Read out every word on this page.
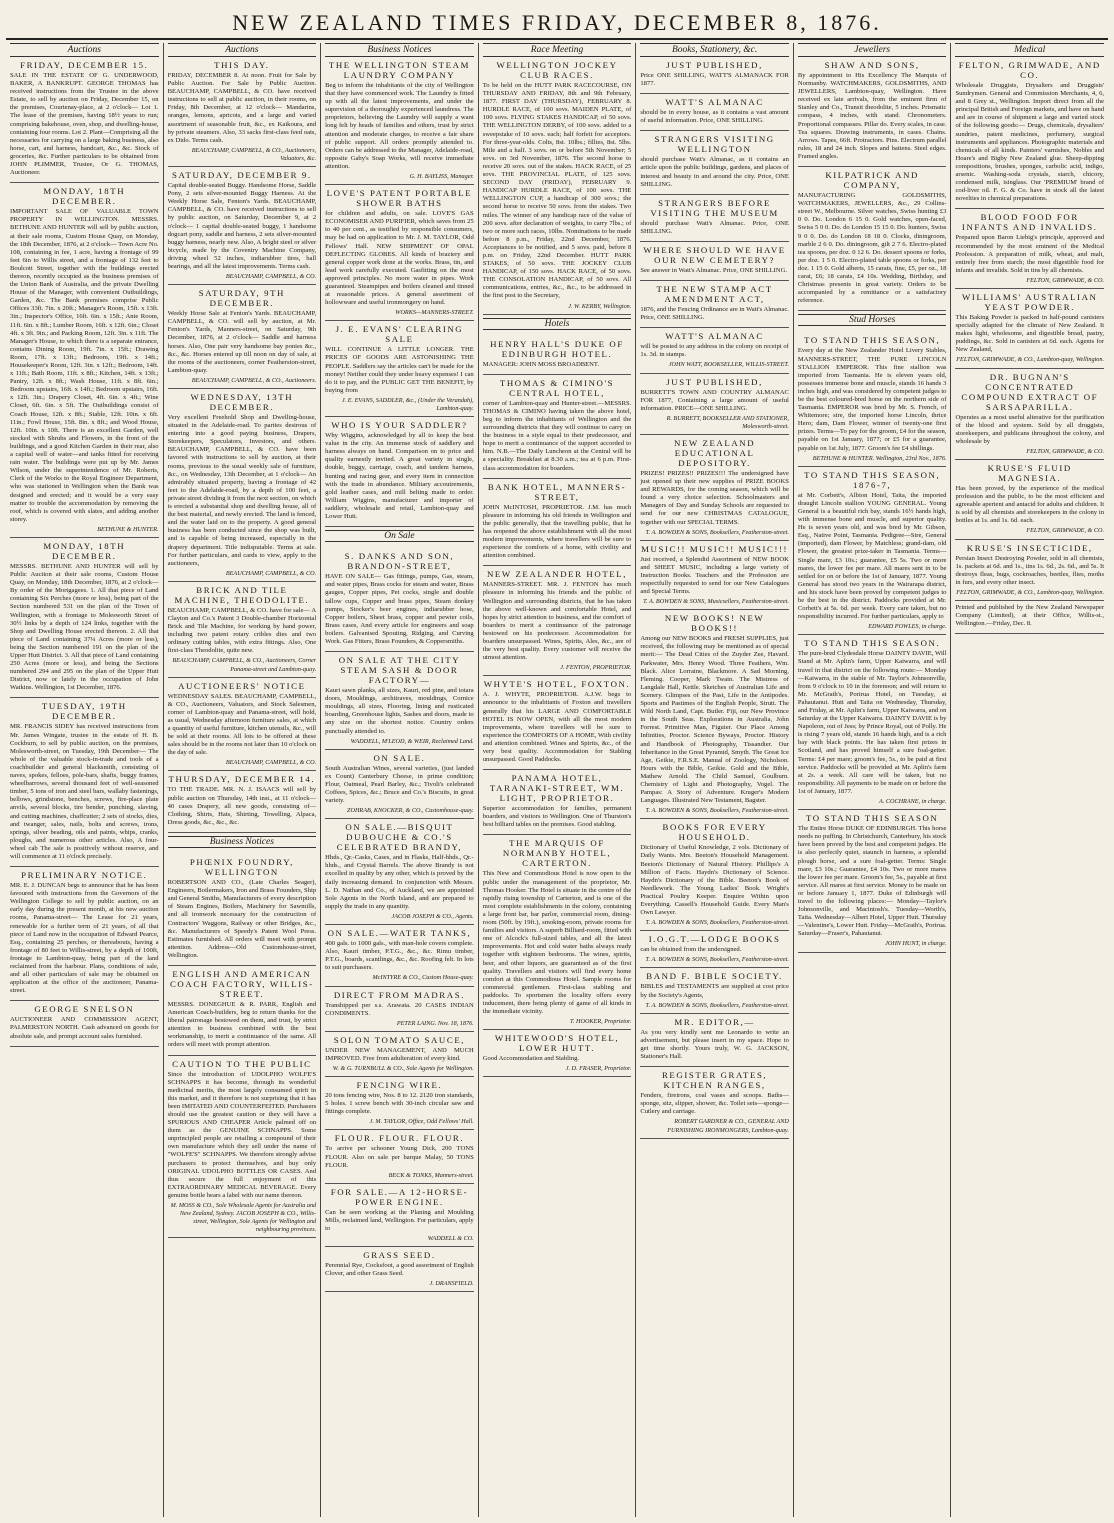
NEW ZEALAND TIMES FRIDAY, DECEMBER 8, 1876.
Auctions
FRIDAY, DECEMBER 15.

SALE IN THE ESTATE OF G. UNDERWOOD, BAKER, A BANKRUPT. GEORGE THOMAS has received instructions from the Trustee in the above Estate, to sell by auction on Friday, December 15, on the premises, Courtenay-place, at 2 o'clock— Lot 1. The lease of the premises, having 18½ years to run; comprising bakehouse, oven, shop, and dwelling-house, containing four rooms. Lot 2. Plant—Comprising all the necessaries for carrying on a large baking business, also horse, cart, and harness, handcart, &c., &c. Stock of groceries, &c. Further particulars to be obtained from JOHN PLIMMER, Trustee, Or G. THOMAS, Auctioneer.

MONDAY, 18TH DECEMBER.

IMPORTANT SALE OF VALUABLE TOWN PROPERTY IN WELLINGTON. MESSRS. BETHUNE AND HUNTER will sell by public auction, at their sale rooms, Custom House Quay, on Monday, the 18th December, 1876, at 2 o'clock— Town Acre No. 108, containing in fee, 1 acre, having a frontage of 99 feet 6in to Willis street, and a frontage of 132 feet to Boulcott Street, together with the buildings erected thereon, recently occupied as the business premises of the Union Bank of Australia, and the private Dwelling House of the Manager, with convenient Outbuildings, Garden, &c. The Bank premises comprise Public Offices 33ft. 7in. x 20ft.; Manager's Room, 15ft. x 13ft. 3in.; Inspector's Office, 16ft. 6in. x 15ft.; Ante Room, 11ft. 6in. x 8ft.; Lumber Room, 16ft. x 12ft. 6in.; Closet 4ft. x 3ft. 9in.; and Packing Room, 12ft. 3in. x 11ft. The Manager's House, to which there is a separate entrance, contains Dining Room, 19ft. 7in. x 15ft.; Drawing Room, 17ft. x 13ft.; Bedroom, 19ft. x 14ft.; Housekeeper's Room, 12ft. 3in. x 12ft.; Bedroom, 14ft. x 11ft.; Bath Room, 11ft. x 8ft.; Kitchen, 14ft. x 13ft.; Pantry, 12ft. x 8ft.; Wash House, 11ft. x 8ft. 6in.; Bedroom upstairs, 16ft. x 14ft.; Bedroom upstairs, 16ft. x 12ft. 3in.; Drapery Closet, 4ft. 6in. x 4ft.; Wine Closet, 6ft. 6in. x 5ft. The Outbuildings consist of Coach House, 12ft. x 8ft.; Stable, 12ft. 10in. x 6ft. 11in.; Fowl House, 15ft. 8in. x 8ft.; and Wood House, 12ft. 10in. x 10ft. There is an excellent Garden, well stocked with Shrubs and Flowers, in the front of the buildings, and a good Kitchen Garden in their rear, also a capital well of water—and tanks fitted for receiving rain water. The buildings were put up by Mr. James Wilson, under the superintendence of Mr. Roberts, Clerk of the Works to the Royal Engineer Department, who was stationed in Wellington when the Bank was designed and erected; and it would be a very easy matter to trouble the accommodation by removing the roof, which is covered with slates, and adding another storey.

BETHUNE & HUNTER.
MONDAY, 18TH DECEMBER.

MESSRS. BETHUNE AND HUNTER will sell by Public Auction at their sale rooms, Custom House Quay, on Monday, 18th December, 1876, at 2 o'clock— By order of the Mortgagees. 1. All that piece of Land containing Six Perches (more or less), being part of the Section numbered 531 on the plan of the Town of Wellington, with a frontage to Molesworth Street of 30½ links by a depth of 124 links, together with the Shop and Dwelling House erected thereon. 2. All that piece of Land containing 37¼ Acres (more or less), being the Section numbered 191 on the plan of the Upper Hutt District. 3. All that piece of Land containing 250 Acres (more or less), and being the Sections numbered 294 and 295 on the plan of the Upper Hutt District, now or lately in the occupation of John Watkins. Wellington, 1st December, 1876.

TUESDAY, 19TH DECEMBER.

MR. FRANCIS SIDEY has received instructions from Mr. James Wingate, trustee in the estate of H. B. Cockburn, to sell by public auction, on the premises, Molesworth-street, on Tuesday, 19th December— The whole of the valuable stock-in-trade and tools of a coachbuilder and general blacksmith, consisting of naves, spokes, felloes, pole-bars, shafts, buggy frames, wheelbarrows, several thousand feet of well-seasoned timber, 5 tons of iron and steel bars, wallaby fastenings, bellows, grindstone, benches, screws, fire-place plate anvils, several blocks, tire bender, punching, slaving, and cutting machines, chaffcutter; 2 sets of stocks, dies, and twanger, sales, nails, bolts and screws, irons, springs, silver beading, oils and paints, whips, cranks, ploughs, and numerous other articles. Also, A four-wheel cab The sale is positively without reserve, and will commence at 11 o'clock precisely.

PRELIMINARY NOTICE.

MR. E. J. DUNCAN begs to announce that he has been favoured with instructions from the Governors of the Wellington College to sell by public auction, on an early day during the present month, at his new auction rooms, Panama-street— The Lease for 21 years, renewable for a further term of 21 years, of all that piece of Land now in the occupation of Edward Pearce, Esq., containing 25 perches, or thereabouts, having a frontage of 80 feet to Willis-street, by a depth of 100ft, frontage to Lambton-quay, being part of the land reclaimed from the harbour. Plans, conditions of sale, and all other particulars of sale may be obtained on application at the office of the auctioneer, Panama-street.

GEORGE SNELSON

AUCTIONEER AND COMMISSION AGENT, PALMERSTON NORTH. Cash advanced on goods for absolute sale, and prompt account sales furnished.

Auctions
THIS DAY.

FRIDAY, DECEMBER 8. At noon. Fruit for Sale by Public Auction. For Sale by Public Auction. BEAUCHAMP, CAMPBELL, & CO. have received instructions to sell at public auction, in their rooms, on Friday, 8th December, at 12 o'clock— Mandarins, oranges, lemons, apricots, and a large and varied assortment of seasonable fruit, &c., ex Kaikoura, and by private steamers. Also, 33 sacks first-class feed oats, ex Dido. Terms cash.

BEAUCHAMP, CAMPBELL, & CO., Auctioneers, Valuators, &c.
SATURDAY, DECEMBER 9.

Capital double-seated Buggy. Handsome Horse, Saddle Pony, 2 sets silver-mounted Buggy Harness. At the Weekly Horse Sale, Fenton's Yards. BEAUCHAMP, CAMPBELL, & CO. have received instructions to sell by public auction, on Saturday, December 9, at 2 o'clock— 1 capital double-seated buggy, 1 handsome dogcart pony, saddle and harness, 2 sets silver-mounted buggy harness, nearly new. Also, A bright steel or silver bicycle, made by the Coventry Machine Company, driving wheel 52 inches, indiarubber tires, ball bearings, and all the latest improvements. Terms cash.

BEAUCHAMP, CAMPBELL, & CO.
SATURDAY, 9TH DECEMBER.

Weekly Horse Sale at Fenton's Yards. BEAUCHAMP, CAMPBELL, & CO. will sell by auction, at Mr. Fenton's Yards, Manners-street, on Saturday, 9th December, 1876, at 2 o'clock— Saddle and harness horses. Also, One pair very handsome bay ponies &c., &c., &c. Horses entered up till noon on day of sale, at the rooms of the auctioneers, corner Featherston-street, Lambton-quay.

BEAUCHAMP, CAMPBELL, & CO., Auctioneers.
WEDNESDAY, 13TH DECEMBER.

Very excellent Freehold Shop and Dwelling-house, situated in the Adelaide-road. To parties desirous of entering into a good paying business, Drapers, Storekeepers, Speculators, Investors, and others. BEAUCHAMP, CAMPBELL, & CO. have been favored with instructions to sell by auction, at their rooms, previous to the usual weekly sale of furniture, &c., on Wednesday, 13th December, at 1 o'clock— An admirably situated property, having a frontage of 42 feet to the Adelaide-road, by a depth of 100 feet, a private street dividing it from the next section, on which is erected a substantial shop and dwelling house, all of the best material, and newly erected. The land is fenced, and the water laid on to the property. A good general business has been conducted since the shop was built, and is capable of being increased, especially in the drapery department. Title indisputable. Terms at sale. For further particulars, and cards to view, apply to the auctioneers,

BEAUCHAMP, CAMPBELL, & CO.
BRICK AND TILE MACHINE, THEODOLITE.

BEAUCHAMP, CAMPBELL, & CO. have for sale— A Clayton and Co.'s Patent 3 Double-chamber Horizontal Brick and Tile Machine, for working by hand power, including two patent rotary cribles dies and two ordinary cutting tables, with extra fittings. Also, One first-class Theodolite, quite new.

BEAUCHAMP, CAMPBELL, & CO., Auctioneers, Corner Panama-street and Lambton-quay.
AUCTIONEERS' NOTICE

WEDNESDAY SALES. BEAUCHAMP, CAMPBELL, & CO., Auctioneers, Valuators, and Stock Salesmen, corner of Lambton-quay and Panama-street, will hold, as usual, Wednesday afternoon furniture sales, at which a quantity of useful furniture, kitchen utensils, &c., will be sold at their rooms. All lots to be offered at these sales should be in the rooms not later than 10 o'clock on the day of sale.

BEAUCHAMP, CAMPBELL, & CO.
THURSDAY, DECEMBER 14.

TO THE TRADE. MR. N. J. ISAACS will sell by public auction on Thursday, 14th inst., at 11 o'clock— 40 cases Drapery, all new goods, consisting of— Clothing, Shirts, Hats, Shirting, Towelling, Alpaca, Dress goods, &c., &c., &c.

Business Notices
PHŒNIX FOUNDRY, WELLINGTON

ROBERTSON AND CO., (Late Charles Seager), Engineers, Boilermakers, Iron and Brass Founders, Ship and General Smiths, Manufacturers of every description of Steam Engines, Boilers, Machinery for Sawmills, and all ironwork necessary for the construction of Contractors' Waggons, Railway or other Bridges, &c., &c. Manufacturers of Speedy's Patent Wool Press. Estimates furnished. All orders will meet with prompt attention. Address—Old Customhouse-street, Wellington.

ENGLISH AND AMERICAN COACH FACTORY, WILLIS-STREET.

MESSRS. DONEGHUE & R. PARR, English and American Coach-builders, beg to return thanks for the liberal patronage bestowed on them, and trust, by strict attention to business combined with the best workmanship, to merit a continuance of the same. All orders will meet with prompt attention.

CAUTION TO THE PUBLIC

Since the introduction of UDOLPHO WOLFE'S SCHNAPPS it has become, through its wonderful medicinal merits, the most largely consumed spirit in this market, and it therefore is not surprising that it has been IMITATED AND COUNTERFEITED. Purchasers should use the greatest caution or they will have a SPURIOUS AND CHEAPER Article palmed off on them as the GENUINE SCHNAPPS. Some unprincipled people are retailing a compound of their own manufacture which they sell under the name of "WOLFE'S" SCHNAPPS. We therefore strongly advise purchasers to protect themselves, and buy only ORIGINAL UDOLPHO BOTTLES OR CASES. And thus secure the full enjoyment of this EXTRAORDINARY MEDICAL BEVERAGE. Every genuine bottle bears a label with our name thereon.

M. MOSS & CO., Sole Wholesale Agents for Australia and New Zealand, Sydney. JACOB JOSEPH & CO., Willis-street, Wellington, Sole Agents for Wellington and neighbouring provinces.
Business Notices
THE WELLINGTON STEAM LAUNDRY COMPANY

Beg to inform the inhabitants of the city of Wellington that they have commenced work. The Laundry is fitted up with all the latest improvements, and under the supervision of a thoroughly experienced laundress. The proprietors, believing the Laundry will supply a want long felt by heads of families and others, trust by strict attention and moderate charges, to receive a fair share of public support. All orders promptly attended to. Orders can be addressed to the Manager, Adelaide-road, opposite Gaby's Soap Works, will receive immediate attention.

G. H. BAYLISS, Manager.
LOVE'S PATENT PORTABLE SHOWER BATHS

for children and adults, on sale. LOVE'S GAS ECONOMISER AND PURIFIER, which saves from 25 to 40 per cent., as testified by responsible consumers, may be had on application to Mr. J. M. TAYLOR, Odd Fellows' Hall. NEW SHIPMENT OF OPAL DEFLECTING GLOBES. All kinds of braziery and general copper work done at the works. Brass, tin, and lead work carefully executed. Gasfitting on the most approved principles. No more water in pipes. Work guaranteed. Steampipes and boilers cleaned and tinned at reasonable prices. A general assortment of hollowware and useful ironmongery on hand.

WORKS—MANNERS-STREET.
J. E. EVANS' CLEARING SALE

WILL CONTINUE A LITTLE LONGER. THE PRICES OF GOODS ARE ASTONISHING THE PEOPLE. Saddlers say the articles can't be made for the money! Neither could they under heavy expenses! I can do it to pay, and the PUBLIC GET THE BENEFIT, by buying from

J. E. EVANS, SADDLER, &c., (Under the Verandah), Lambton-quay.
WHO IS YOUR SADDLER?

Why Wiggins, acknowledged by all to keep the best value in the city. An immense stock of saddlery and harness always on hand. Comparison on to price and quality earnestly invited. A great variety in single, double, buggy, carriage, coach, and tandem harness, hunting and racing gear, and every item in connection with the trade in abundance. Military accoutrements, gold leather cases, and mill belting made to order. William Wiggins, manufacturer and importer of saddlery, wholesale and retail, Lambton-quay and Lower Hutt.

On Sale
S. DANKS AND SON, BRANDON-STREET,

HAVE ON SALE— Gas fittings, pumps, Gas, steam, and water pipes, Brass cocks for steam and water, Brass gauges, Copper pipes, Pet cocks, single and double tallow cups, Copper and brass pipes, Steam donkey pumps, Stocker's beer engines, indiarubber hose, Copper boilers, Sheet brass, copper and pewter coils, Brass cases, And every article for engineers and soap boilers. Galvanised Spouting, Ridging, and Curving Work. Gas Fitters, Brass Founders, & Coppersmiths.

ON SALE AT THE CITY STEAM SASH & DOOR FACTORY—

Kauri sawn planks, all sizes, Kauri, red pine, and totara doors, Mouldings, architraves, mouldings, Cornice mouldings, all sizes, Flooring, lining and rusticated boarding, Greenhouse lights, Sashes and doors, made to any size on the shortest notice. Country orders punctually attended to.

WADDELL, M'LEOD, & WEIR, Reclaimed Land.
ON SALE.

South Australian Wines, several varieties, (just landed ex Count) Canterbury Cheese, in prime condition; Flour, Oatmeal, Pearl Barley, &c.; Tivoli's celebrated Coffees, Spices, &c.; Bruce and Co.'s Biscuits, in great variety.

ZOHRAB, KNOCKER, & CO., Customhouse-quay.
ON SALE.—BISQUIT DUBOUCHE & CO.'S CELEBRATED BRANDY,

Hhds., Qr.-Casks, Cases, and in Flasks, Half-hhds., Qr.-hhds., and Crystal Barrels. The above Brandy is not excelled in quality by any other, which is proved by the daily increasing demand. In conjunction with Messrs. L. D. Nathan and Co., of Auckland, we are appointed Sole Agents in the North Island, and are prepared to supply the trade in any quantity.

JACOB JOSEPH & CO., Agents.
ON SALE.—WATER TANKS,

400 gals. to 1000 gals., with man-hole covers complete. Also, Kauri timber, P.T.G., &c., &c. Rimu timber, P.T.G., boards, scantlings, &c., &c. Roofing felt. In lots to suit purchasers.

McINTYRE & CO., Custom House-quay.
DIRECT FROM MADRAS.

Transhipped per s.s. Arawata. 20 CASES INDIAN CONDIMENTS.

PETER LAING. Nov. 18, 1876.
SOLON TOMATO SAUCE,

UNDER NEW MANAGEMENT, AND MUCH IMPROVED. Free from adulteration of every kind.

W. & G. TURNBULL & CO., Sole Agents for Wellington.
FENCING WIRE.

20 tons fencing wire, Nos. 8 to 12. 2120 iron standards, 5 holes. 1 screw bench with 30-inch circular saw and fittings complete.

J. M. TAYLOR, Office, Odd Fellows' Hall.
FLOUR. FLOUR. FLOUR.

To arrive per schooner Young Dick, 200 TONS FLOUR. Also on sale per barque Malay, 50 TONS FLOUR.

BECK & TONKS, Manners-street.
FOR SALE.—A 12-HORSE-POWER ENGINE.

Can be seen working at the Planing and Moulding Mills, reclaimed land, Wellington. For particulars, apply to

WADDELL & CO.
GRASS SEED.

Perennial Rye, Cocksfoot, a good assortment of English Clover, and other Grass Seed.

J. DRANSFIELD.
Race Meeting
WELLINGTON JOCKEY CLUB RACES.

To be held on the HUTT PARK RACECOURSE, ON THURSDAY AND FRIDAY, 8th and 9th February, 1877. FIRST DAY (THURSDAY), FEBRUARY 8. HURDLE RACE, of 100 sovs. MAIDEN PLATE, of 100 sovs. FLYING STAKES HANDICAP, of 50 sovs. THE WELLINGTON DERBY, of 100 sovs. added to a sweepstake of 10 sovs. each; half forfeit for acceptors. For three-year-olds. Colts, 8st. 10lbs.; fillies, 8st. 5lbs. Mile and a half. 3 sovs. on or before 5th November; 5 sovs. on 3rd November, 1876. The second horse to receive 20 sovs. out of the stakes. HACK RACE, of 25 sovs. THE PROVINCIAL PLATE, of 125 sovs. SECOND DAY (FRIDAY), FEBRUARY 9. HANDICAP HURDLE RACE, of 100 sovs. THE WELLINGTON CUP, a handicap of 300 sovs.; the second horse to receive 50 sovs. from the stakes. Two miles. The winner of any handicap race of the value of 200 sovs. after declaration of weights, to carry 7lbs.; of two or more such races, 10lbs. Nominations to be made before 8 p.m., Friday, 22nd December, 1876. Acceptances to be notified, and 5 sovs. paid, before 8 p.m. on Friday, 22nd December. HUTT PARK STAKES, of 50 sovs. THE JOCKEY CLUB HANDICAP, of 150 sovs. HACK RACE, of 50 sovs. THE CONSOLATION HANDICAP, of 50 sovs. All communications, entries, &c., &c., to be addressed in the first post to the Secretary,

J. W. KERBY, Wellington.
Hotels
HENRY HALL'S DUKE OF EDINBURGH HOTEL.

MANAGER: JOHN MOSS BROADBENT.

THOMAS & CIMINO'S CENTRAL HOTEL,

corner of Lambton-quay and Hunter-street.—MESSRS. THOMAS & CIMINO having taken the above hotel, beg to inform the inhabitants of Wellington and the surrounding districts that they will continue to carry on the business in a style equal to their predecessor, and hope to merit a continuance of the support accorded to him. N.B.—The Daily Luncheon at the Central will be a speciality. Breakfast at 8.30 a.m.; tea at 6 p.m. First-class accommodation for boarders.

BANK HOTEL, MANNERS-STREET,

JOHN McINTOSH, PROPRIETOR. J.M. has much pleasure in informing his old friends in Wellington and the public generally, that the travelling public, that he has reopened the above establishment with all the most modern improvements, where travellers will be sure to experience the comforts of a home, with civility and attention combined.

NEW ZEALANDER HOTEL,

MANNERS-STREET. MR. J. FENTON has much pleasure in informing his friends and the public of Wellington and surrounding districts, that he has taken the above well-known and comfortable Hotel, and hopes by strict attention to business, and the comfort of boarders to merit a continuance of the patronage bestowed on his predecessor. Accommodation for boarders unsurpassed. Wines, Spirits, Ales, &c., are of the very best quality. Every customer will receive the utmost attention.

J. FENTON, PROPRIETOR.
WHYTE'S HOTEL, FOXTON.

A. J. WHYTE, PROPRIETOR. A.J.W. begs to announce to the inhabitants of Foxton and travellers generally that his LARGE AND COMFORTABLE HOTEL IS NOW OPEN, with all the most modern improvements, where travellers will be sure to experience the COMFORTS OF A HOME, With civility and attention combined. Wines and Spirits, &c., of the very best quality. Accommodation for Stabling unsurpassed. Good Paddocks.

PANAMA HOTEL, TARANAKI-STREET, WM. LIGHT, PROPRIETOR.

Superior accommodation for families, permanent boarders, and visitors to Wellington. One of Thurston's best billiard tables on the premises. Good stabling.

THE MARQUIS OF NORMANBY HOTEL, CARTERTON.

This New and Commodious Hotel is now open to the public under the management of the proprietor, Mr. Thomas Hooker. The Hotel is situate in the centre of the rapidly rising township of Carterton, and is one of the most complete establishments in the colony, containing a large front bar, bar parlor, commercial room, dining-room (50ft. by 19ft.), smoking-room, private rooms for families and visitors. A superb Billiard-room, fitted with one of Alcock's full-sized tables, and all the latest improvements. Hot and cold water baths always ready together with eighteen bedrooms. The wines, spirits, beer, and other liquors, are guaranteed as of the first quality. Travellers and visitors will find every home comfort at this Commodious Hotel. Sample rooms for commercial gentlemen. First-class stabling and paddocks. To sportsmen the locality offers every inducement, there being plenty of game of all kinds in the immediate vicinity.

T. HOOKER, Proprietor.
WHITEWOOD'S HOTEL, LOWER HUTT.

Good Accommodation and Stabling.

J. D. FRASER, Proprietor.
Books, Stationery, &c.
JUST PUBLISHED,

Price ONE SHILLING, WATT'S ALMANACK FOR 1877.

WATT'S ALMANAC

should be in every house, as it contains a vast amount of useful information. Price, ONE SHILLING.

STRANGERS VISITING WELLINGTON

should purchase Watt's Almanac, as it contains an article upon the public buildings, gardens, and places of interest and beauty in and around the city. Price, ONE SHILLING.

STRANGERS BEFORE VISITING THE MUSEUM

should purchase Watt's Almanac. Price, ONE SHILLING.

WHERE SHOULD WE HAVE OUR NEW CEMETERY?

See answer in Watt's Almanac. Price, ONE SHILLING.

THE NEW STAMP ACT AMENDMENT ACT,

1876, and the Fencing Ordinance are in Watt's Almanac. Price, ONE SHILLING.

WATT'S ALMANAC

will be posted to any address in the colony on receipt of 1s. 3d. in stamps.

JOHN WATT, BOOKSELLER, WILLIS-STREET.
JUST PUBLISHED,

BURRETT'S TOWN AND COUNTRY ALMANAC FOR 1877, Containing a large amount of useful information. PRICE—ONE SHILLING.

R. BURRETT, BOOKSELLER AND STATIONER, Molesworth-street.
NEW ZEALAND EDUCATIONAL DEPOSITORY.

PRIZES! PRIZES!! PRIZES!!! The undersigned have just opened up their new supplies of PRIZE BOOKS and REWARDS, for the coming season, which will be found a very choice selection. Schoolmasters and Managers of Day and Sunday Schools are requested to send for our new CHRISTMAS CATALOGUE, together with our SPECIAL TERMS.

T. A. BOWDEN & SONS, Booksellers, Featherston-street.
MUSIC!! MUSIC!! MUSIC!!!

Just received, a Splendid Assortment of NEW BOOK and SHEET MUSIC, including a large variety of Instruction Books. Teachers and the Profession are respectfully requested to send for our New Catalogues and Special Terms.

T. A. BOWDEN & SONS, Musicsellers, Featherston-street.
NEW BOOKS! NEW BOOKS!!

Among our NEW BOOKS and FRESH SUPPLIES, just received, the following may be mentioned as of special merit:— The Dead Cities of the Zuyder Zee, Havard. Parkwater, Mrs. Henry Wood. Three Feathers, Wm. Black. Alice Lorraine, Blackmore. A Sad Morning, Fleming. Cooper, Mark Twain. The Mistress of Langdale Hall, Kettle. Sketches of Australian Life and Scenery. Glimpses of the Past, Life in the Antipodes. Sports and Pastimes of the English People, Strutt. The Wild North Land, Capt. Butler. Fiji, our New Province in the South Seas. Explorations in Australia, John Forrest. Primitive Man, Figuier. Our Place Among Infinities, Proctor. Science Byways, Proctor. History and Handbook of Photography, Tissandier. Our Inheritance in the Great Pyramid, Smyth. The Great Ice Age, Geikie, F.R.S.E. Manual of Zoology, Nicholson. Hours with the Bible, Geikie. Gold and the Bible, Mathew Arnold. The Child Samuel, Goulburn. Chemistry of Light and Photography, Vogel. The Pampas: A Story of Adventure. Kruger's Modern Languages. Illustrated New Testament, Bagster.

T. A. BOWDEN & SONS, Booksellers, Featherston-street.
BOOKS FOR EVERY HOUSEHOLD.

Dictionary of Useful Knowledge, 2 vols. Dictionary of Daily Wants. Mrs. Beeton's Household Management. Beeton's Dictionary of Natural History. Phillips's A Million of Facts. Haydn's Dictionary of Science. Haydn's Dictionary of the Bible. Beeton's Book of Needlework. The Young Ladies' Book. Wright's Practical Poultry Keeper. Enquire Within upon Everything. Cassell's Household Guide. Every Man's Own Lawyer.

T. A. BOWDEN & SONS, Booksellers, Featherston-street.
I.O.G.T.—LODGE BOOKS

can be obtained from the undersigned.

T. A. BOWDEN & SONS, Booksellers, Featherston-street.
BAND F. BIBLE SOCIETY.

BIBLES and TESTAMENTS are supplied at cost price by the Society's Agents,

T. A. BOWDEN & SONS, Booksellers, Featherston-street.
MR. EDITOR,—

As you very kindly sent me Leonardo to write an advertisement, but please insert in my space. Hope to get time shortly. Yours truly, W. G. JACKSON, Stationer's Hall.

REGISTER GRATES, KITCHEN RANGES,

Fenders, fireirons, coal vases and scoops. Baths—sponge, sitz, slipper, shower, &c. Toilet sets—sponge—Cutlery and carriage.

ROBERT GARDNER & CO., GENERAL AND FURNISHING IRONMONGERS, Lambton-quay.
Jewellers
SHAW AND SONS,

By appointment to His Excellency The Marquis of Normanby. WATCHMAKERS, GOLDSMITHS, AND JEWELLERS, Lambton-quay, Wellington. Have received ex late arrivals, from the eminent firm of Stanley and Co., Transit theodolite, 5 inches. Prismatic compass, 4 inches, with stand. Chronometers. Proportional compasses. Pillar do. Every scales, in case. Tea squares. Drawing instruments, in cases. Chains. Arrows. Tapes, 66ft. Protractors. Pins. Electrum parallel rules, 18 and 24 inch. Slopes and battens. Steel edges. Framed angles.

KILPATRICK AND COMPANY,

MANUFACTURING GOLDSMITHS, WATCHMAKERS, JEWELLERS, &c., 29 Collins-street W., Melbourne. Silver watches, Swiss hunting £3 0 0. Do. London 6 15 0. Gold watches, open-faced, Swiss 5 0 0. Do. do London 15 15 0. Do. hunters, Swiss 9 0 0. Do. do London 18 18 0. Clocks, diningroom, marble 2 6 0. Do. diningroom, gilt 2 7 6. Electro-plated tea spoons, per doz. 0 12 6. Do. dessert spoons or forks, per doz. 1 5 0. Electro-plated table spoons or forks, per doz. 1 15 0. Gold alberts, 15 carats, fine, £5, per oz., 18 carat, £6; 18 carats, £4 10s. Wedding, Birthday, and Christmas presents in great variety. Orders to be accompanied by a remittance or a satisfactory reference.

Stud Horses
TO STAND THIS SEASON,

Every day at the New Zealander Hotel Livery Stables, MANNERS-STREET, THE PURE LINCOLN STALLION EMPEROR. This fine stallion was imported from Tasmania. He is eleven years old, possesses immense bone and muscle, stands 16 hands 3 inches high, and was considered by competent judges to be the best coloured-bred horse on the northern side of Tasmania. EMPEROR was bred by Mr. S. French, of Whitemore; sire, the imported horse Lincoln, thrice Hero; dam, Dam Flower, winner of twenty-one first prizes. Terms—To pay for the groom, £4 for the season, payable on 1st January, 1877; or £5 for a guarantee, payable on 1st July, 1877. Groom's fee £4 shillings.

BETHUNE & HUNTER. Wellington, 23rd Nov., 1876.
TO STAND THIS SEASON, 1876-7,

at Mr. Corbett's, Albion Hotel, Taita, the imported draught Lincoln stallion YOUNG GENERAL. Young General is a beautiful rich bay, stands 16½ hands high, with immense bone and muscle, and superior quality. He is seven years old, and was bred by Mr. Gibson, Esq., Native Point, Tasmania. Pedigree—Sire, General (imported), dam Flower, by Matchless; grand-dam, old Flower, the greatest prize-taker in Tasmania. Terms—Single mare, £3 10s.; guarantee, £5 5s. Two or more mares, the lower fee per mare. All mares sent in to be settled for on or before the 1st of January, 1877. Young General has stood two years in the Wairarapa district, and his stock have been proved by competent judges to be the best in the district. Paddocks provided at Mr. Corbett's at 5s. 6d. per week. Every care taken, but no responsibility incurred. For further particulars, apply to

EDWARD POWLES, in charge.
TO STAND THIS SEASON.

The pure-bred Clydesdale Horse DAINTY DAVIE, Will Stand at Mr. Aplin's farm, Upper Kaiwarra, and will travel in that district on the following route:— Monday—Kaiwarra, in the stable of Mr. Taylor's Johnsonville, from 9 o'clock to 10 in the forenoon; and will return to Mr. McGrath's, Porirua Hotel, on Tuesday, at Pahautanui. Hutt and Taita on Wednesday, Thursday, and Friday, at Mr. Aplin's farm, Upper Kaiwarra, and on Saturday at the Upper Kaiwarra. DAINTY DAVIE is by Napoleon, out of Jess; by Prince Royal, out of Polly. He is rising 7 years old, stands 16 hands high, and is a rich bay with black points. He has taken first prizes in Scotland, and has proved himself a sure foal-getter. Terms: £4 per mare; groom's fee, 5s., to be paid at first service. Paddocks will be provided at Mr. Aplin's farm at 2s. a week. All care will be taken, but no responsibility. All payments to be made on or before the 1st of January, 1877.

A. COCHRANE, in charge.
TO STAND THIS SEASON

The Entire Horse DUKE OF EDINBURGH. This horse needs no puffing. In Christchurch, Canterbury, his stock have been proved by the best and competent judges. He is also perfectly quiet, staunch in harness, a splendid plough horse, and a sure foal-getter. Terms: Single mare, £3 10s.; Guarantee, £4 10s. Two or more mares the lower fee per mare. Groom's fee, 5s., payable at first service. All mares at first service. Money to be made on or before January 1, 1877. Duke of Edinburgh will travel to the following places:— Monday—Taylor's Johnsonville, and Macintosh's. Tuesday—Worth's, Taita. Wednesday—Albert Hotel, Upper Hutt. Thursday—Valentine's, Lower Hutt. Friday—McGrath's, Porirua. Saturday—Fraser's, Pahautanui.

JOHN HUNT, in charge.
Medical
FELTON, GRIMWADE, AND CO.

Wholesale Druggists, Drysalters and Druggists' Sundrymen. General and Commission Merchants, 4, 6, and 8 Grey st., Wellington. Import direct from all the principal British and Foreign markets, and have on hand and are in course of shipment a large and varied stock of the following goods:— Drugs, chemicals, drysalters' sundries, patent medicines, perfumery, surgical instruments and appliances. Photographic materials and chemicals of all kinds. Painters' varnishes, Nobles and Hoare's and Bigby New Zealand glue. Sheep-dipping compositions, brushes, sponges, carbolic acid, indigo, arsenic. Washing-soda crystals, starch, chicory, condensed milk, isinglass. Our 'PREMIUM' brand of cod-liver oil. F. G. & Co. have in stock all the latest novelties in chemical preparations.

BLOOD FOOD FOR INFANTS AND INVALIDS.

Prepared upon Baron Liebig's principle, approved and recommended by the most eminent of the Medical Profession. A preparation of milk, wheat, and malt, entirely free from starch; the most digestible food for infants and invalids. Sold in tins by all chemists.

FELTON, GRIMWADE, & CO.
WILLIAMS' AUSTRALIAN YEAST POWDER.

This Baking Powder is packed in half-pound canisters specially adapted for the climate of New Zealand. It makes light, wholesome, and digestible bread, pastry, puddings, &c. Sold in canisters at 6d. each. Agents for New Zealand,

FELTON, GRIMWADE, & CO., Lambton-quay, Wellington.
DR. BUGNAN'S CONCENTRATED COMPOUND EXTRACT OF SARSAPARILLA.

Operates as a most useful alterative for the purification of the blood and system. Sold by all druggists, storekeepers, and publicans throughout the colony, and wholesale by

FELTON, GRIMWADE, & CO.
KRUSE'S FLUID MAGNESIA.

Has been proved, by the experience of the medical profession and the public, to be the most efficient and agreeable aperient and antacid for adults and children. It is sold by all chemists and storekeepers in the colony in bottles at 1s. and 1s. 6d. each.

FELTON, GRIMWADE, & CO.
KRUSE'S INSECTICIDE,

Persian Insect Destroying Powder, sold in all chemists, 1s. packets at 6d. and 1s., tins 1s. 6d., 2s. 6d., and 5s. It destroys fleas, bugs, cockroaches, beetles, flies, moths in furs, and every other insect.

FELTON, GRIMWADE, & CO., Lambton-quay, Wellington.

Printed and published by the New Zealand Newspaper Company (Limited), at their Office, Willis-st., Wellington.—Friday, Dec. 8.
